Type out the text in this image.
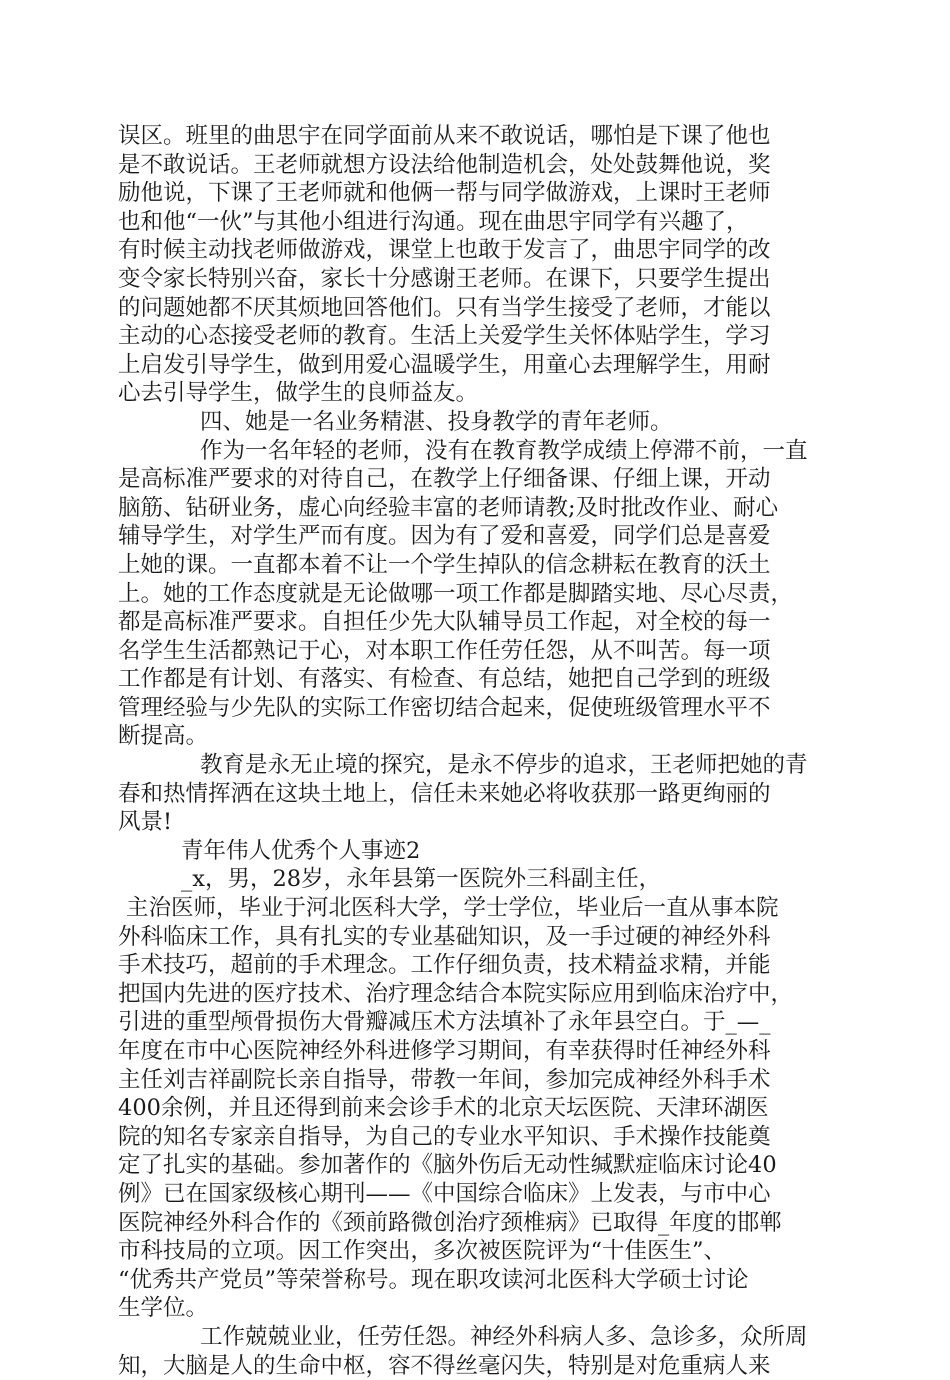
误区。班里的曲思宇在同学面前从来不敢说话，哪怕是下课了他也
是不敢说话。王老师就想方设法给他制造机会，处处鼓舞他说，奖
励他说，下课了王老师就和他俩一帮与同学做游戏，上课时王老师
也和他“一伙”与其他小组进行沟通。现在曲思宇同学有兴趣了，
有时候主动找老师做游戏，课堂上也敢于发言了，曲思宇同学的改
变令家长特别兴奋，家长十分感谢王老师。在课下，只要学生提出
的问题她都不厌其烦地回答他们。只有当学生接受了老师，才能以
主动的心态接受老师的教育。生活上关爱学生关怀体贴学生，学习
上启发引导学生，做到用爱心温暖学生，用童心去理解学生，用耐
心去引导学生，做学生的良师益友。
四、她是一名业务精湛、投身教学的青年老师。
作为一名年轻的老师，没有在教育教学成绩上停滞不前，一直
是高标准严要求的对待自己，在教学上仔细备课、仔细上课，开动
脑筋、钻研业务，虚心向经验丰富的老师请教;及时批改作业、耐心
辅导学生，对学生严而有度。因为有了爱和喜爱，同学们总是喜爱
上她的课。一直都本着不让一个学生掉队的信念耕耘在教育的沃土
上。她的工作态度就是无论做哪一项工作都是脚踏实地、尽心尽责，
都是高标准严要求。自担任少先大队辅导员工作起，对全校的每一
名学生生活都熟记于心，对本职工作任劳任怨，从不叫苦。每一项
工作都是有计划、有落实、有检查、有总结，她把自己学到的班级
管理经验与少先队的实际工作密切结合起来，促使班级管理水平不
断提高。
教育是永无止境的探究，是永不停步的追求，王老师把她的青
春和热情挥洒在这块土地上，信任未来她必将收获那一路更绚丽的
风景!
青年伟人优秀个人事迹2
_x，男，28岁，永年县第一医院外三科副主任，
主治医师，毕业于河北医科大学，学士学位，毕业后一直从事本院
外科临床工作，具有扎实的专业基础知识，及一手过硬的神经外科
手术技巧，超前的手术理念。工作仔细负责，技术精益求精，并能
把国内先进的医疗技术、治疗理念结合本院实际应用到临床治疗中，
引进的重型颅骨损伤大骨瓣减压术方法填补了永年县空白。于_—_
年度在市中心医院神经外科进修学习期间，有幸获得时任神经外科
主任刘吉祥副院长亲自指导，带教一年间，参加完成神经外科手术
400余例，并且还得到前来会诊手术的北京天坛医院、天津环湖医
院的知名专家亲自指导，为自己的专业水平知识、手术操作技能奠
定了扎实的基础。参加著作的《脑外伤后无动性缄默症临床讨论40
例》已在国家级核心期刊——《中国综合临床》上发表，与市中心
医院神经外科合作的《颈前路微创治疗颈椎病》已取得_年度的邯郸
市科技局的立项。因工作突出，多次被医院评为“十佳医生”、
“优秀共产党员”等荣誉称号。现在职攻读河北医科大学硕士讨论
生学位。
工作兢兢业业，任劳任怨。神经外科病人多、急诊多，众所周
知，大脑是人的生命中枢，容不得丝毫闪失，特别是对危重病人来
